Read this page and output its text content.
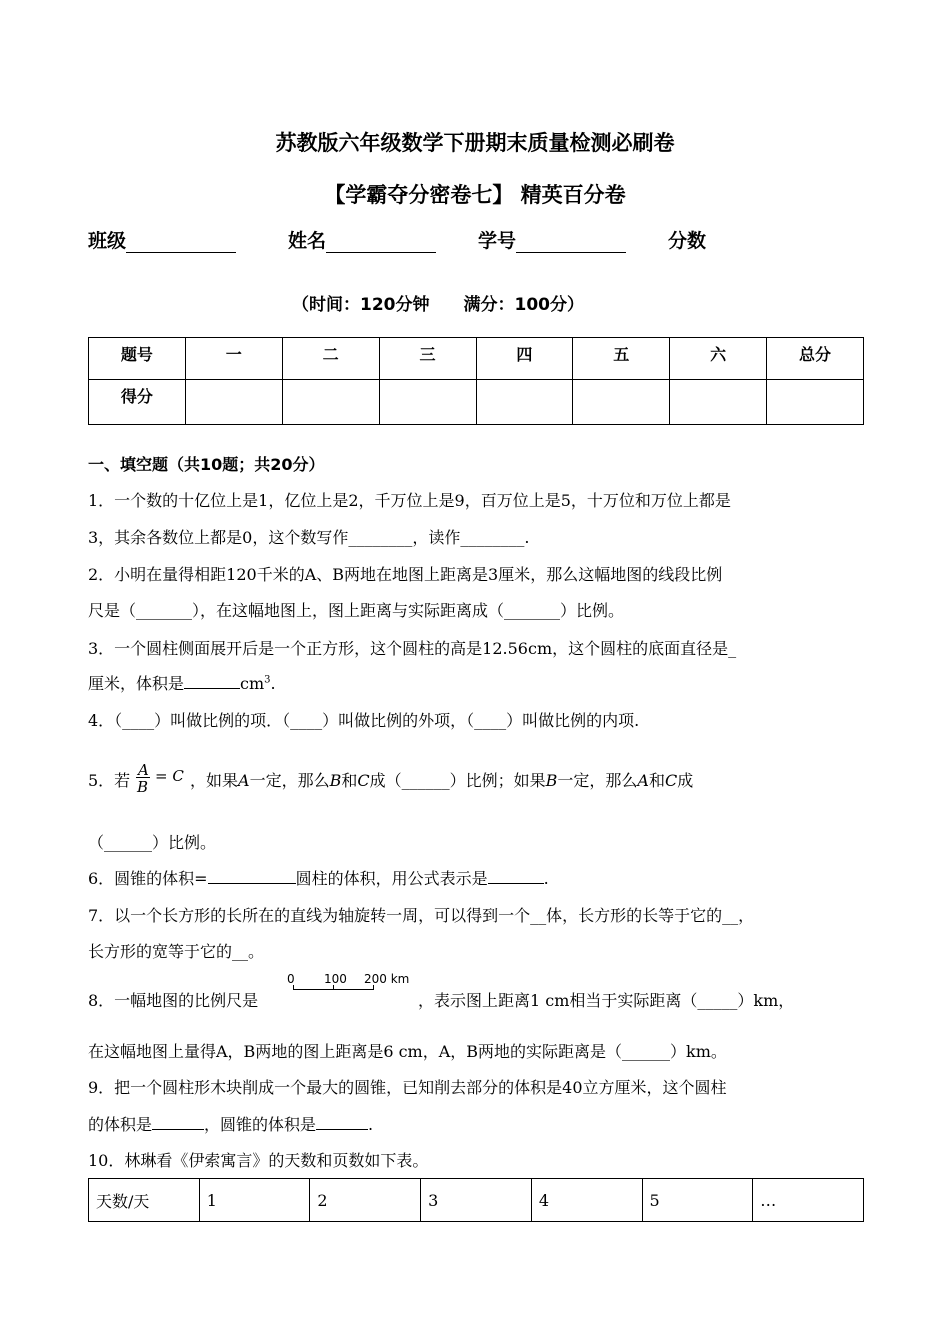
苏教版六年级数学下册期末质量检测必刷卷
【学霸夺分密卷七】 精英百分卷
班级	姓名	学号	分数
（时间：120分钟　　满分：100分）
题号	一	二	三	四	五	六	总分
得分							
一、填空题（共10题；共20分）
1．一个数的十亿位上是1，亿位上是2，千万位上是9，百万位上是5，十万位和万位上都是
3，其余各数位上都是0，这个数写作________，读作________.
2．小明在量得相距120千米的A、B两地在地图上距离是3厘米，那么这幅地图的线段比例
尺是（_______），在这幅地图上，图上距离与实际距离成（_______）比例。
3．一个圆柱侧面展开后是一个正方形，这个圆柱的高是12.56cm，这个圆柱的底面直径是_
厘米，体积是	$cm^3$.
4．（____）叫做比例的项．（____）叫做比例的外项，（____）叫做比例的内项.
5．若
A
B
= C ，如果A一定，那么B和C成（______）比例；如果B一定，那么A和C成
（______）比例。
6．圆锥的体积=	圆柱的体积，用公式表示是	.
7．以一个长方形的长所在的直线为轴旋转一周，可以得到一个__体，长方形的长等于它的__，
长方形的宽等于它的__。
8．一幅地图的比例尺是
0 100 200 km
，表示图上距离1 cm相当于实际距离（_____）km，
在这幅地图上量得A，B两地的图上距离是6 cm，A，B两地的实际距离是（______）km。
9．把一个圆柱形木块削成一个最大的圆锥，已知削去部分的体积是40立方厘米，这个圆柱
的体积是	，圆锥的体积是	.
10．林琳看《伊索寓言》的天数和页数如下表。
天数/天	1	2	3	4	5	…
